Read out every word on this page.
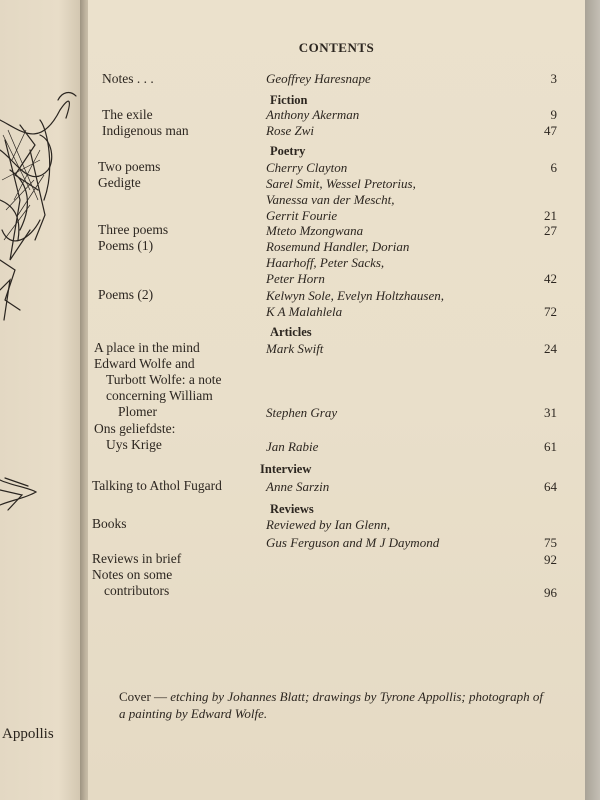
Appollis
CONTENTS
Notes . . .	Geoffrey Haresnape	3
Fiction
The exile	Anthony Akerman	9
Indigenous man	Rose Zwi	47
Poetry
Two poems	Cherry Clayton	6
Gedigte	Sarel Smit, Wessel Pretorius,
Vanessa van der Mescht,
Gerrit Fourie	21
Three poems	Mteto Mzongwana	27
Poems (1)	Rosemund Handler, Dorian
Haarhoff, Peter Sacks,
Peter Horn	42
Poems (2)	Kelwyn Sole, Evelyn Holtzhausen,
K A Malahlela	72
Articles
A place in the mind	Mark Swift	24
Edward Wolfe and
Turbott Wolfe: a note
concerning William
Plomer	Stephen Gray	31
Ons geliefdste:
Uys Krige	Jan Rabie	61
Interview
Talking to Athol Fugard	Anne Sarzin	64
Reviews
Books	Reviewed by Ian Glenn,
Gus Ferguson and M J Daymond	75
Reviews in brief	92
Notes on some
contributors	96
Cover — etching by Johannes Blatt; drawings by Tyrone Appollis; photograph of a painting by Edward Wolfe.
